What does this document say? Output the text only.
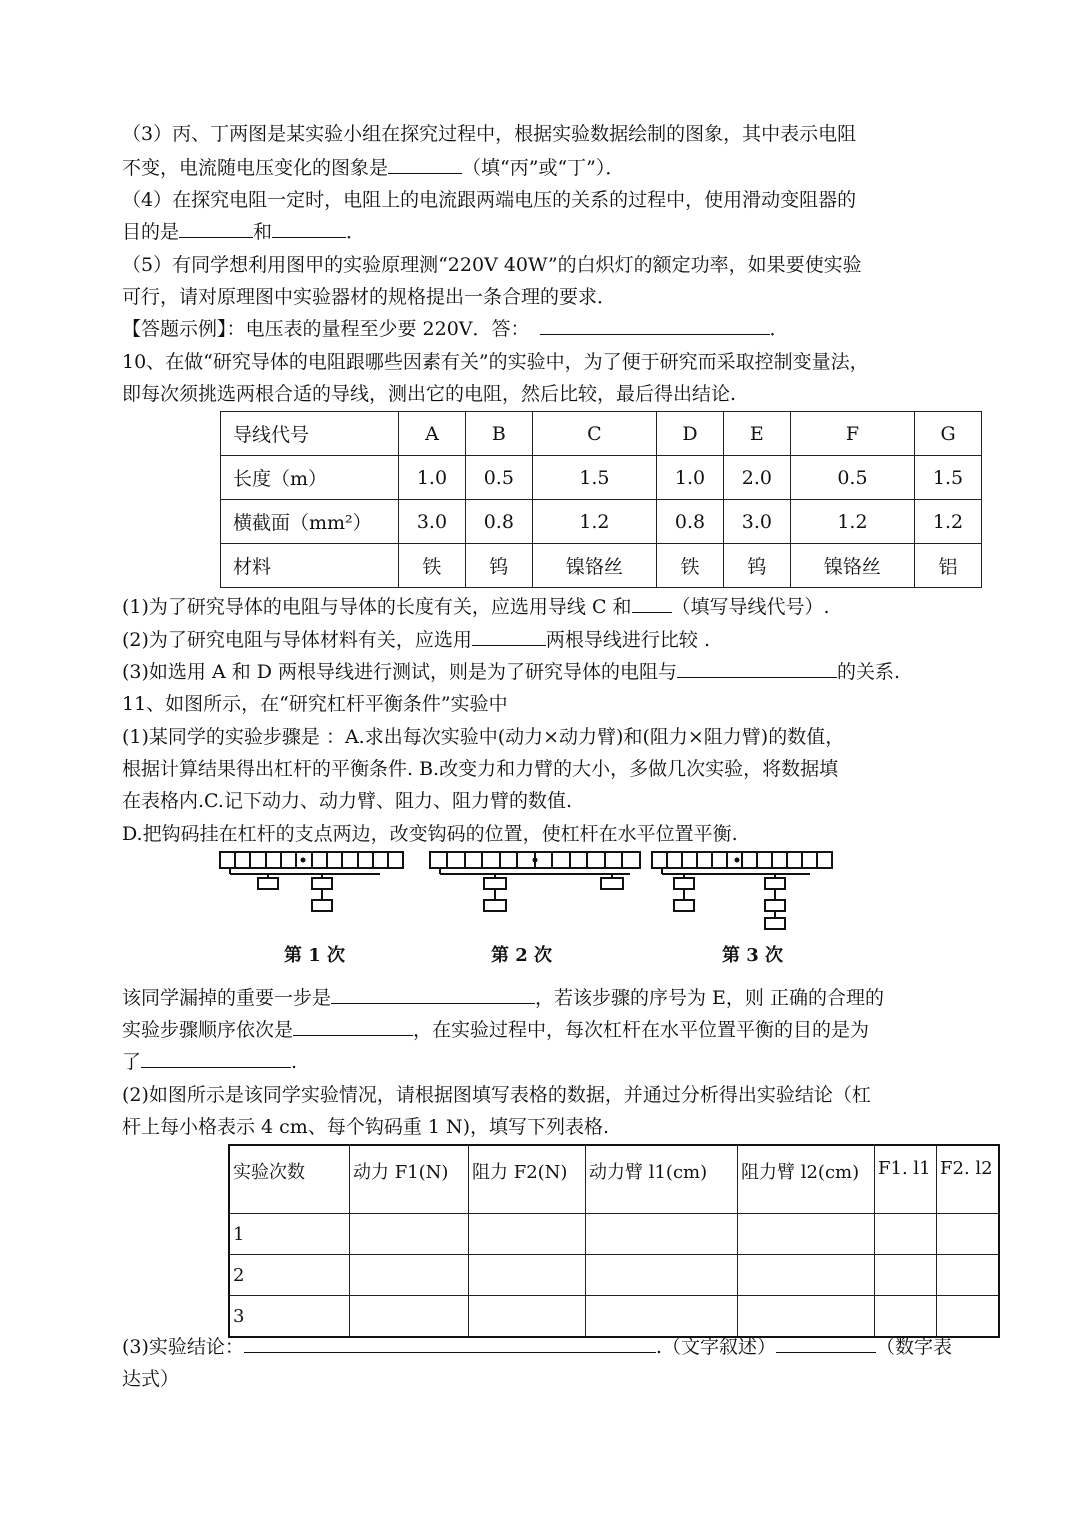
（3）丙、丁两图是某实验小组在探究过程中，根据实验数据绘制的图象，其中表示电阻
不变，电流随电压变化的图象是	（填“丙”或“丁”）．
（4）在探究电阻一定时，电阻上的电流跟两端电压的关系的过程中，使用滑动变阻器的
目的是	和	．
（5）有同学想利用图甲的实验原理测“220V 40W”的白炽灯的额定功率，如果要使实验
可行，请对原理图中实验器材的规格提出一条合理的要求．
【答题示例】：电压表的量程至少要 220V．答：	．
10、在做“研究导体的电阻跟哪些因素有关”的实验中，为了便于研究而采取控制变量法，
即每次须挑选两根合适的导线，测出它的电阻，然后比较，最后得出结论.
导线代号	A	B	C	D	E	F	G
长度（m）	1.0	0.5	1.5	1.0	2.0	0.5	1.5
横截面（mm²）	3.0	0.8	1.2	0.8	3.0	1.2	1.2
材料	铁	钨	镍铬丝	铁	钨	镍铬丝	铝
(1)为了研究导体的电阻与导体的长度有关，应选用导线 C 和 （填写导线代号）.
(2)为了研究电阻与导体材料有关，应选用	两根导线进行比较 .
(3)如选用 A 和 D 两根导线进行测试，则是为了研究导体的电阻与	的关系.
11、如图所示，在“研究杠杆平衡条件”实验中
(1)某同学的实验步骤是 ：A.求出每次实验中(动力×动力臂)和(阻力×阻力臂)的数值，
根据计算结果得出杠杆的平衡条件. B.改变力和力臂的大小，多做几次实验，将数据填
在表格内.C.记下动力、动力臂、阻力、阻力臂的数值.
D.把钩码挂在杠杆的支点两边，改变钩码的位置，使杠杆在水平位置平衡.
第 1 次	第 2 次	第 3 次
该同学漏掉的重要一步是	，若该步骤的序号为 E，则 正确的合理的
实验步骤顺序依次是	，在实验过程中，每次杠杆在水平位置平衡的目的是为
了	.
(2)如图所示是该同学实验情况，请根据图填写表格的数据，并通过分析得出实验结论（杠
杆上每小格表示 4 cm、每个钩码重 1 N)，填写下列表格.
实验次数	动力 F1(N)	阻力 F2(N)	动力臂 l1(cm)	阻力臂 l2(cm)	F1. l1	F2. l2
1						
2						
3						
(3)实验结论：	.（文字叙述）	（数字表
达式）
